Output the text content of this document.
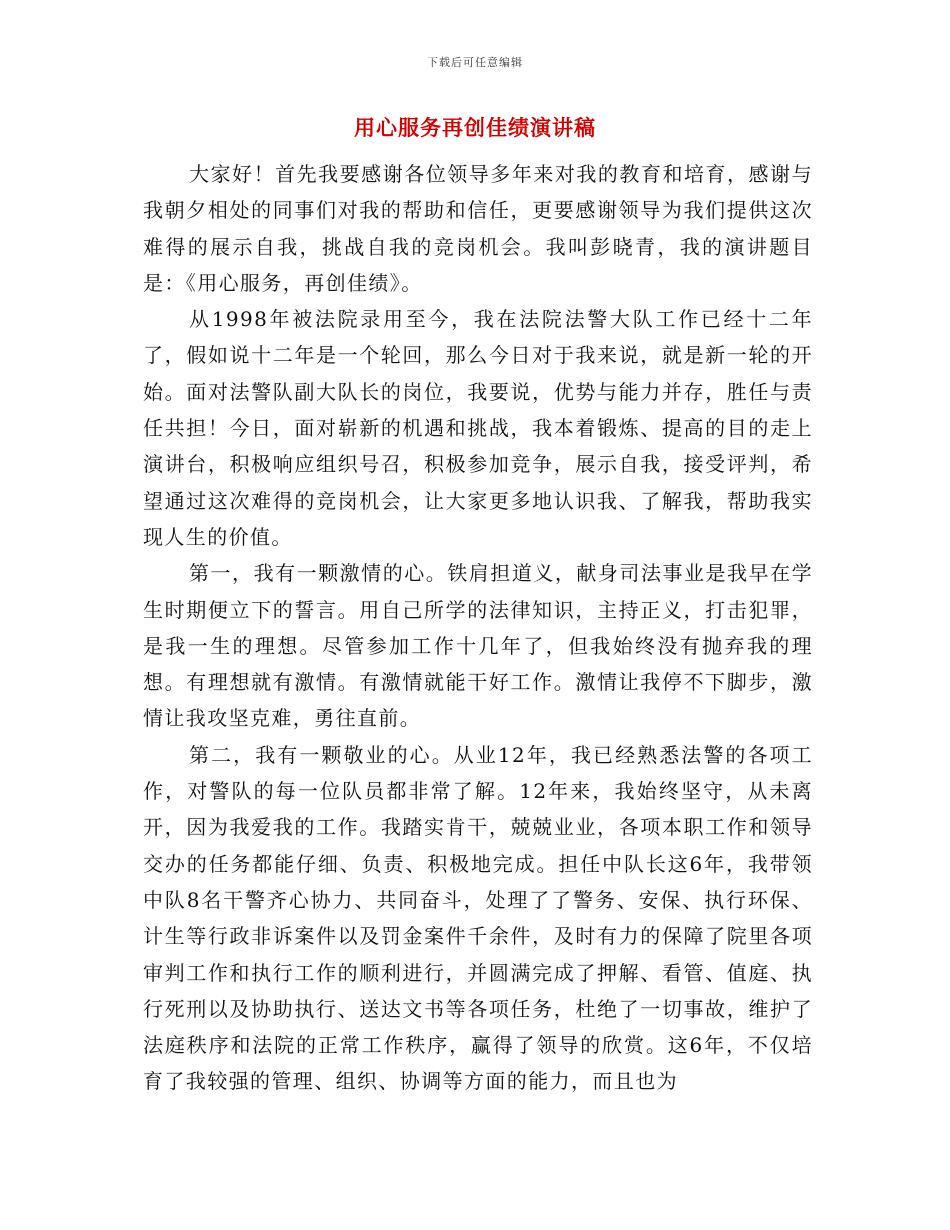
下载后可任意编辑
用心服务再创佳绩演讲稿

大家好！首先我要感谢各位领导多年来对我的教育和培育，感谢与我朝夕相处的同事们对我的帮助和信任，更要感谢领导为我们提供这次难得的展示自我，挑战自我的竞岗机会。我叫彭晓青，我的演讲题目是：《用心服务，再创佳绩》。

从1998年被法院录用至今，我在法院法警大队工作已经十二年了，假如说十二年是一个轮回，那么今日对于我来说，就是新一轮的开始。面对法警队副大队长的岗位，我要说，优势与能力并存，胜任与责任共担！今日，面对崭新的机遇和挑战，我本着锻炼、提高的目的走上演讲台，积极响应组织号召，积极参加竞争，展示自我，接受评判，希望通过这次难得的竞岗机会，让大家更多地认识我、了解我，帮助我实现人生的价值。

第一，我有一颗激情的心。铁肩担道义，献身司法事业是我早在学生时期便立下的誓言。用自己所学的法律知识，主持正义，打击犯罪，是我一生的理想。尽管参加工作十几年了，但我始终没有抛弃我的理想。有理想就有激情。有激情就能干好工作。激情让我停不下脚步，激情让我攻坚克难，勇往直前。

第二，我有一颗敬业的心。从业12年，我已经熟悉法警的各项工作，对警队的每一位队员都非常了解。12年来，我始终坚守，从未离开，因为我爱我的工作。我踏实肯干，兢兢业业，各项本职工作和领导交办的任务都能仔细、负责、积极地完成。担任中队长这6年，我带领中队8名干警齐心协力、共同奋斗，处理了了警务、安保、执行环保、计生等行政非诉案件以及罚金案件千余件，及时有力的保障了院里各项审判工作和执行工作的顺利进行，并圆满完成了押解、看管、值庭、执行死刑以及协助执行、送达文书等各项任务，杜绝了一切事故，维护了法庭秩序和法院的正常工作秩序，赢得了领导的欣赏。这6年，不仅培育了我较强的管理、组织、协调等方面的能力，而且也为
